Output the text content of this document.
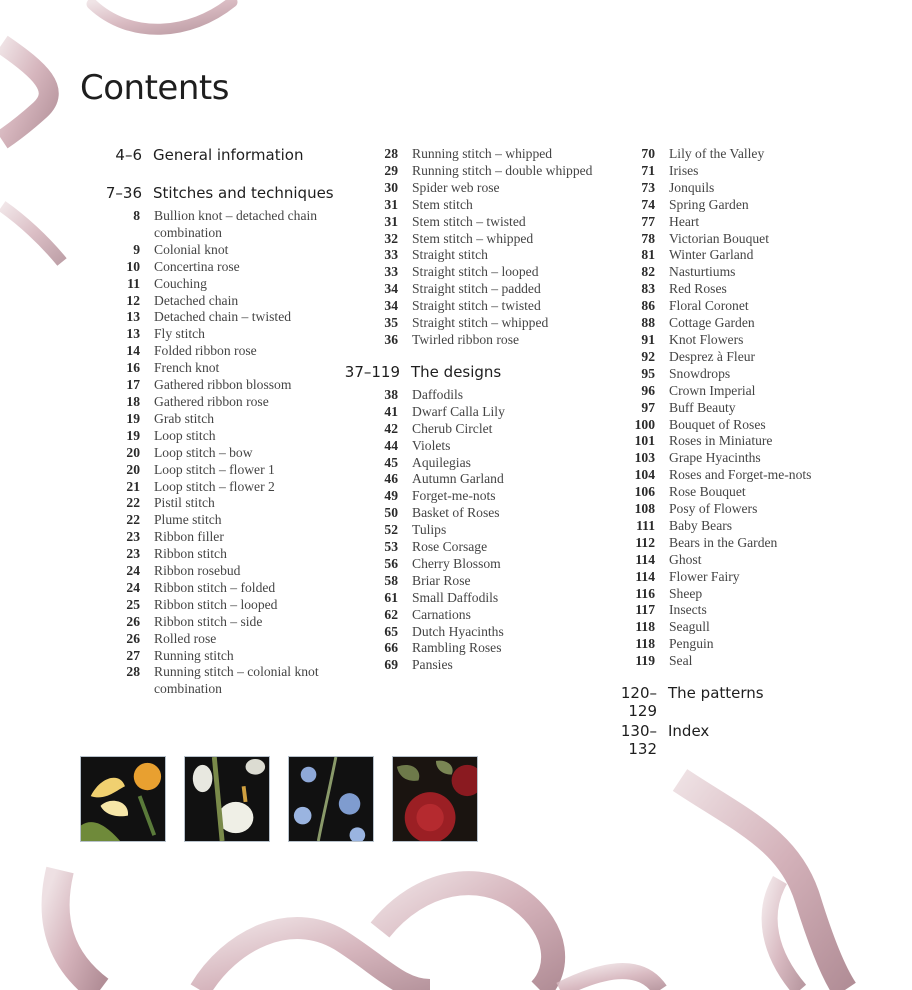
Contents
4–6 General information
7–36 Stitches and techniques
8 Bullion knot – detached chain combination
9 Colonial knot
10 Concertina rose
11 Couching
12 Detached chain
13 Detached chain – twisted
13 Fly stitch
14 Folded ribbon rose
16 French knot
17 Gathered ribbon blossom
18 Gathered ribbon rose
19 Grab stitch
19 Loop stitch
20 Loop stitch – bow
20 Loop stitch – flower 1
21 Loop stitch – flower 2
22 Pistil stitch
22 Plume stitch
23 Ribbon filler
23 Ribbon stitch
24 Ribbon rosebud
24 Ribbon stitch – folded
25 Ribbon stitch – looped
26 Ribbon stitch – side
26 Rolled rose
27 Running stitch
28 Running stitch – colonial knot combination
28 Running stitch – whipped
29 Running stitch – double whipped
30 Spider web rose
31 Stem stitch
31 Stem stitch – twisted
32 Stem stitch – whipped
33 Straight stitch
33 Straight stitch – looped
34 Straight stitch – padded
34 Straight stitch – twisted
35 Straight stitch – whipped
36 Twirled ribbon rose
37–119 The designs
38 Daffodils
41 Dwarf Calla Lily
42 Cherub Circlet
44 Violets
45 Aquilegias
46 Autumn Garland
49 Forget-me-nots
50 Basket of Roses
52 Tulips
53 Rose Corsage
56 Cherry Blossom
58 Briar Rose
61 Small Daffodils
62 Carnations
65 Dutch Hyacinths
66 Rambling Roses
69 Pansies
70 Lily of the Valley
71 Irises
73 Jonquils
74 Spring Garden
77 Heart
78 Victorian Bouquet
81 Winter Garland
82 Nasturtiums
83 Red Roses
86 Floral Coronet
88 Cottage Garden
91 Knot Flowers
92 Desprez à Fleur
95 Snowdrops
96 Crown Imperial
97 Buff Beauty
100 Bouquet of Roses
101 Roses in Miniature
103 Grape Hyacinths
104 Roses and Forget-me-nots
106 Rose Bouquet
108 Posy of Flowers
111 Baby Bears
112 Bears in the Garden
114 Ghost
114 Flower Fairy
116 Sheep
117 Insects
118 Seagull
118 Penguin
119 Seal
120–129
The patterns
130–132
Index
